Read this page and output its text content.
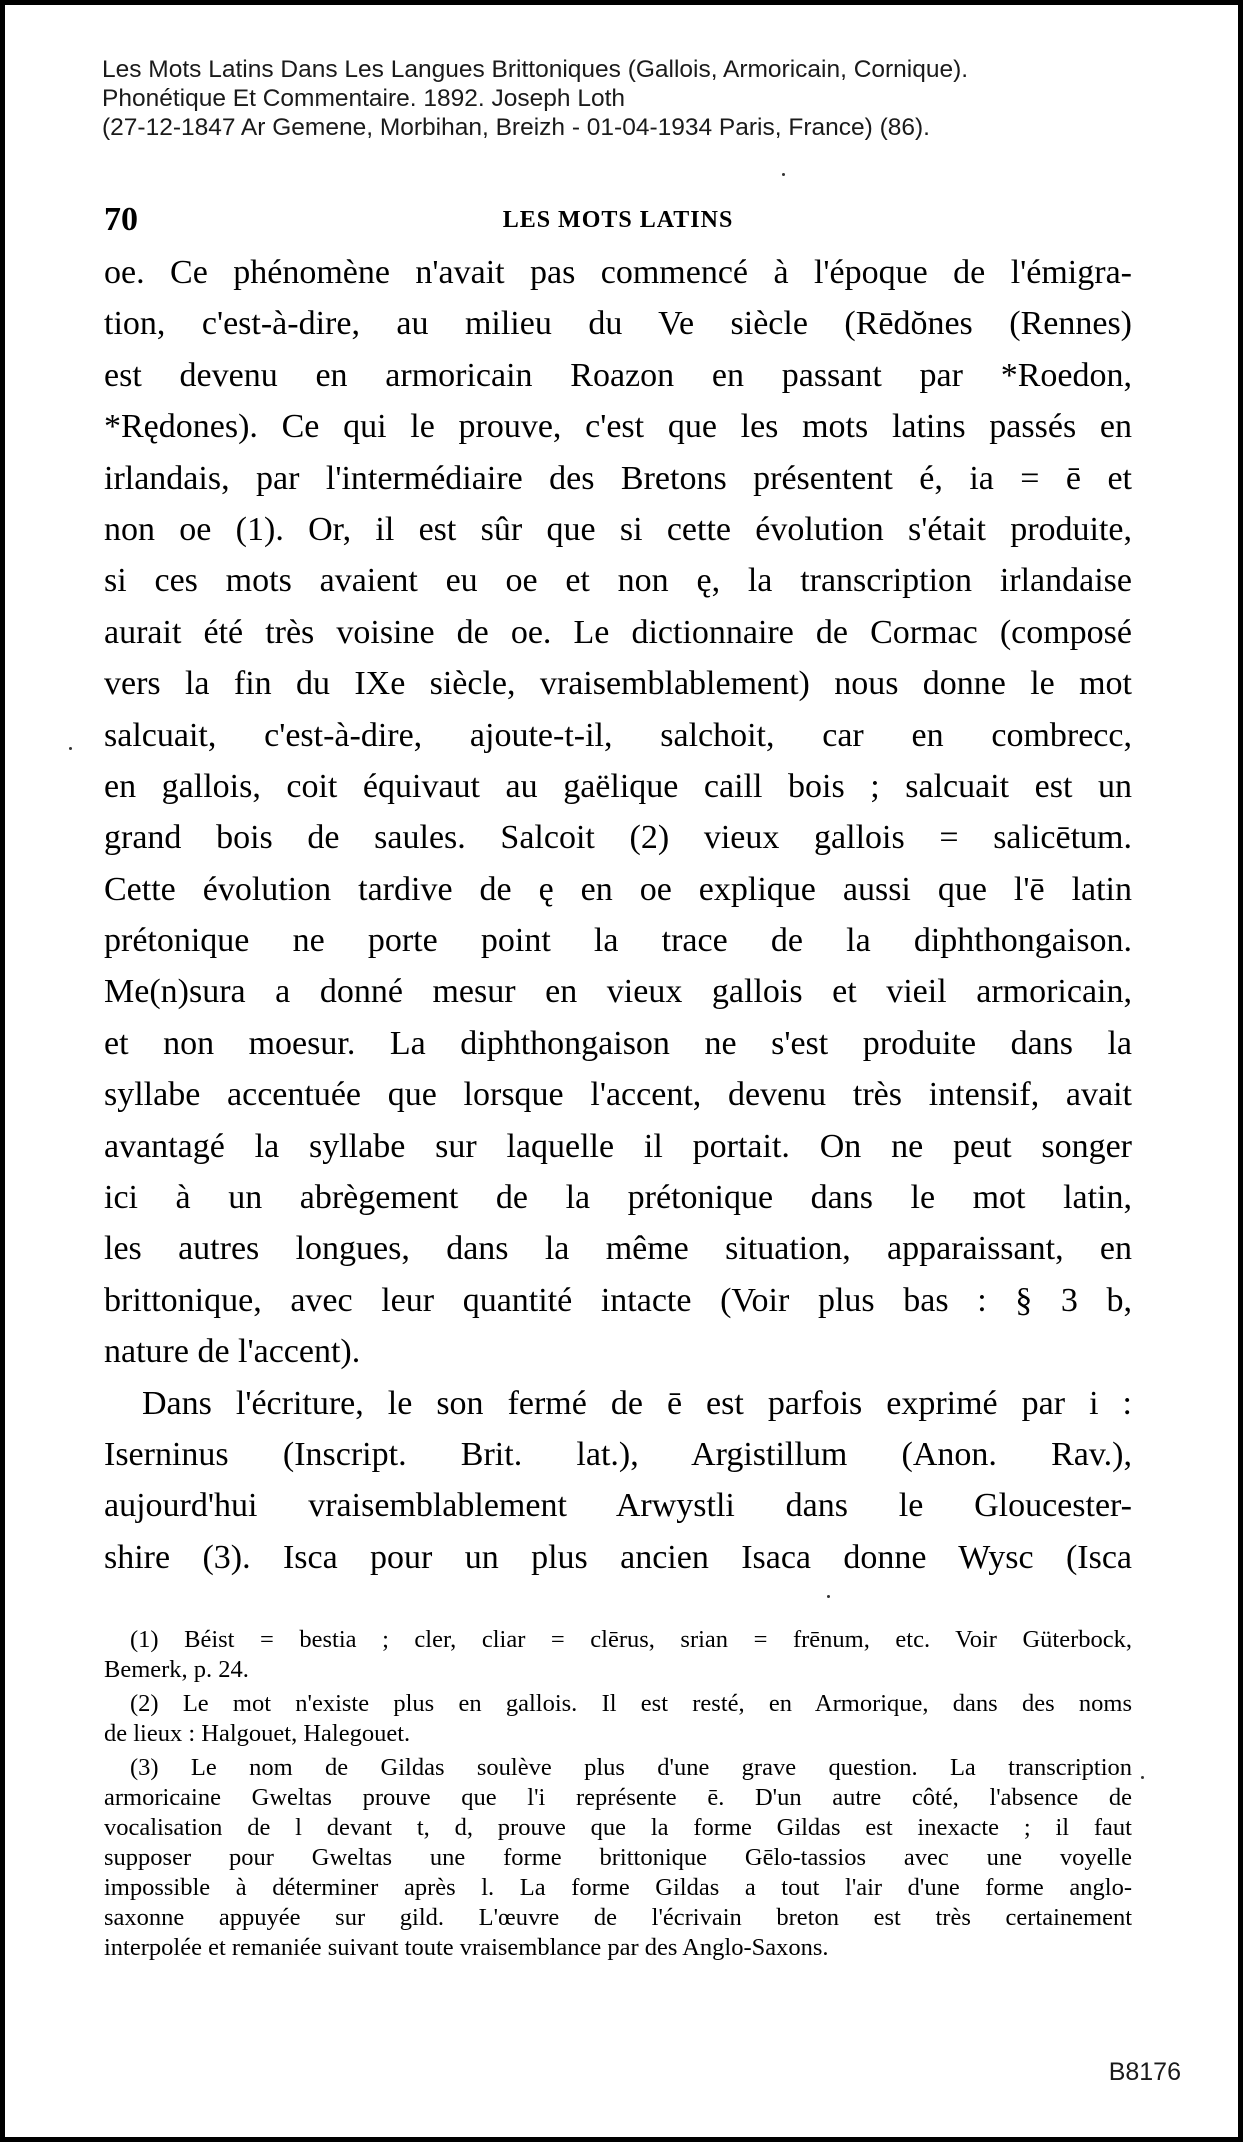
Les Mots Latins Dans Les Langues Brittoniques (Gallois, Armoricain, Cornique).
Phonétique Et Commentaire. 1892. Joseph Loth
(27-12-1847 Ar Gemene, Morbihan, Breizh - 01-04-1934 Paris, France) (86).
70	LES MOTS LATINS
oe. Ce phénomène n'avait pas commencé à l'époque de l'émigra-
tion, c'est-à-dire, au milieu du Ve siècle (Rēdŏnes (Rennes)
est devenu en armoricain Roazon en passant par *Roedon,
*Rędones). Ce qui le prouve, c'est que les mots latins passés en
irlandais, par l'intermédiaire des Bretons présentent é, ia = ē et
non oe (1). Or, il est sûr que si cette évolution s'était produite,
si ces mots avaient eu oe et non ę, la transcription irlandaise
aurait été très voisine de oe. Le dictionnaire de Cormac (composé
vers la fin du IXe siècle, vraisemblablement) nous donne le mot
salcuait, c'est-à-dire, ajoute-t-il, salchoit, car en combrecc,
en gallois, coit équivaut au gaëlique caill bois ; salcuait est un
grand bois de saules. Salcoit (2) vieux gallois = salicētum.
Cette évolution tardive de ę en oe explique aussi que l'ē latin
prétonique ne porte point la trace de la diphthongaison.
Me(n)sura a donné mesur en vieux gallois et vieil armoricain,
et non moesur. La diphthongaison ne s'est produite dans la
syllabe accentuée que lorsque l'accent, devenu très intensif, avait
avantagé la syllabe sur laquelle il portait. On ne peut songer
ici à un abrègement de la prétonique dans le mot latin,
les autres longues, dans la même situation, apparaissant, en
brittonique, avec leur quantité intacte (Voir plus bas : § 3 b,
nature de l'accent).
Dans l'écriture, le son fermé de ē est parfois exprimé par i :
Iserninus (Inscript. Brit. lat.), Argistillum (Anon. Rav.),
aujourd'hui vraisemblablement Arwystli dans le Gloucester-
shire (3). Isca pour un plus ancien Isaca donne Wysc (Isca
(1) Béist = bestia ; cler, cliar = clērus, srian = frēnum, etc. Voir Güterbock,
Bemerk, p. 24.
(2) Le mot n'existe plus en gallois. Il est resté, en Armorique, dans des noms
de lieux : Halgouet, Halegouet.
(3) Le nom de Gildas soulève plus d'une grave question. La transcription
armoricaine Gweltas prouve que l'i représente ē. D'un autre côté, l'absence de
vocalisation de l devant t, d, prouve que la forme Gildas est inexacte ; il faut
supposer pour Gweltas une forme brittonique Gēlo-tassios avec une voyelle
impossible à déterminer après l. La forme Gildas a tout l'air d'une forme anglo-
saxonne appuyée sur gild. L'œuvre de l'écrivain breton est très certainement
interpolée et remaniée suivant toute vraisemblance par des Anglo-Saxons.
B8176
